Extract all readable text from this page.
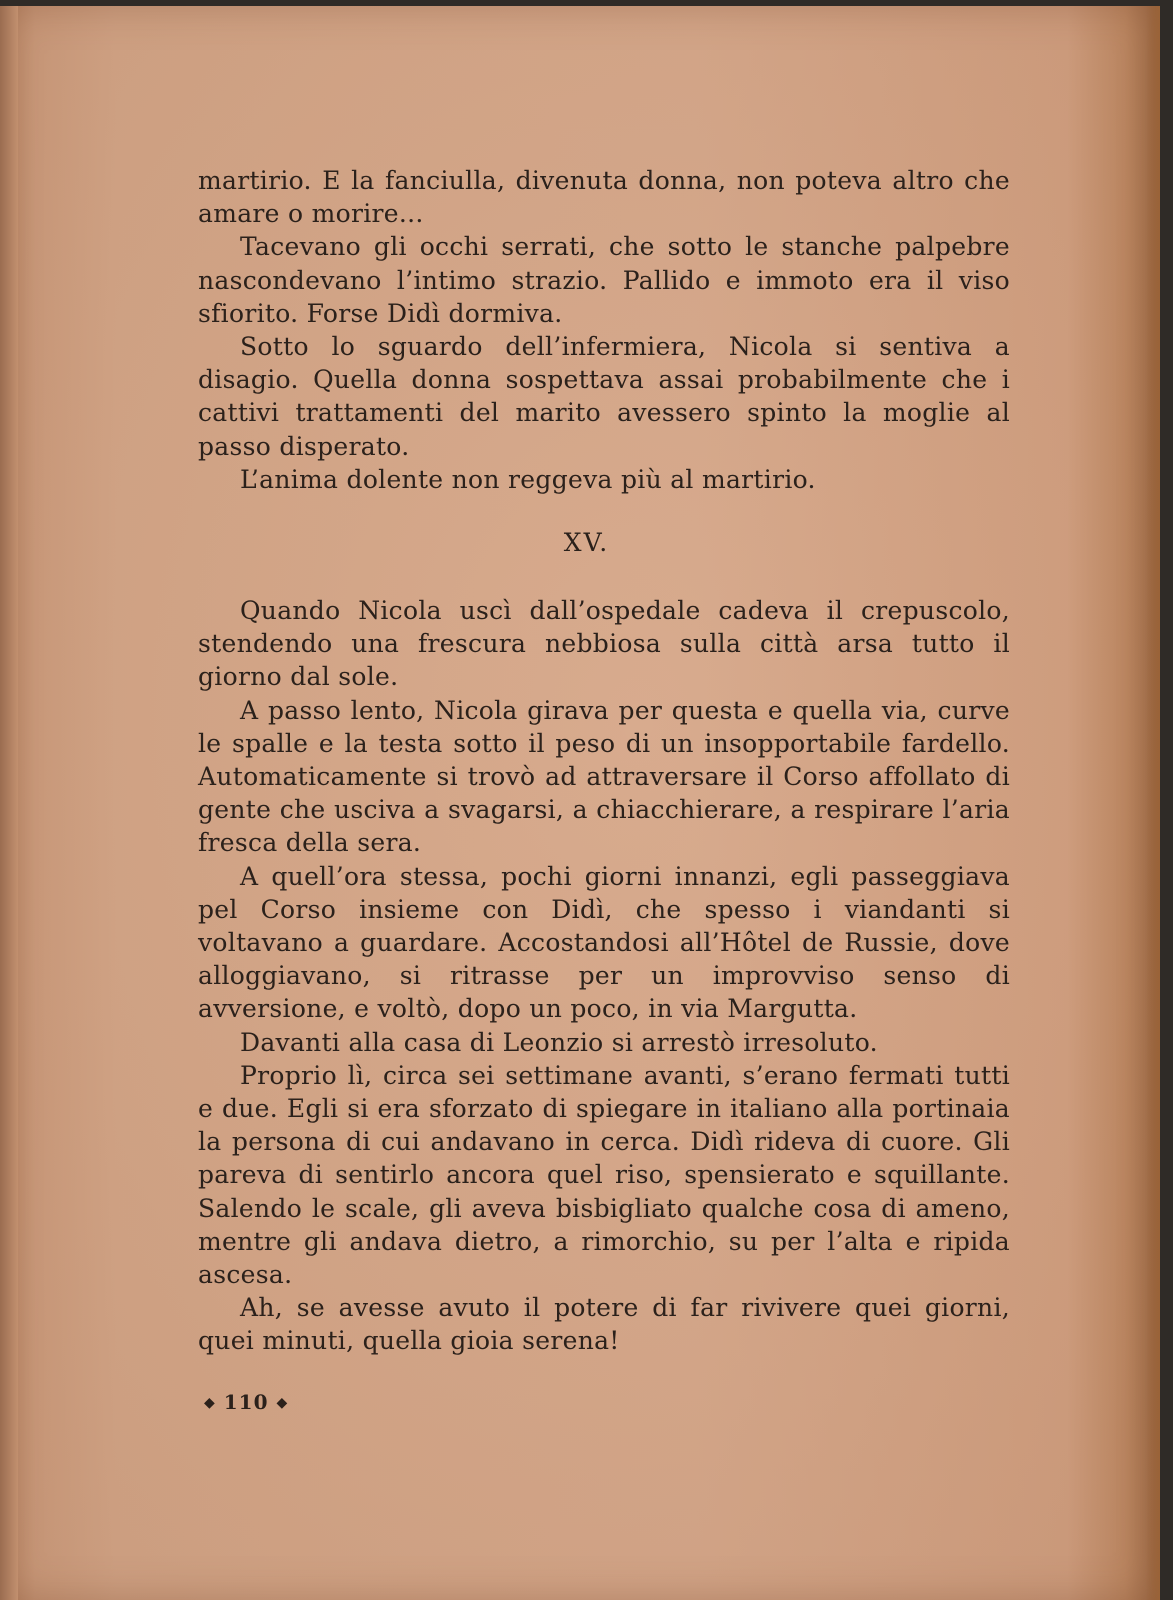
martirio. E la fanciulla, divenuta donna, non poteva altro che amare o morire...

Tacevano gli occhi serrati, che sotto le stanche palpebre nascondevano l’intimo strazio. Pallido e immoto era il viso sfiorito. Forse Didì dormiva.

Sotto lo sguardo dell’infermiera, Nicola si sentiva a disagio. Quella donna sospettava assai probabilmente che i cattivi trattamenti del marito avessero spinto la moglie al passo disperato.

L’anima dolente non reggeva più al martirio.

XV.

Quando Nicola uscì dall’ospedale cadeva il crepuscolo, stendendo una frescura nebbiosa sulla città arsa tutto il giorno dal sole.

A passo lento, Nicola girava per questa e quella via, curve le spalle e la testa sotto il peso di un insopportabile fardello. Automaticamente si trovò ad attraversare il Corso affollato di gente che usciva a svagarsi, a chiacchierare, a respirare l’aria fresca della sera.

A quell’ora stessa, pochi giorni innanzi, egli passeggiava pel Corso insieme con Didì, che spesso i viandanti si voltavano a guardare. Accostandosi all’Hôtel de Russie, dove alloggiavano, si ritrasse per un improvviso senso di avversione, e voltò, dopo un poco, in via Margutta.

Davanti alla casa di Leonzio si arrestò irresoluto.

Proprio lì, circa sei settimane avanti, s’erano fermati tutti e due. Egli si era sforzato di spiegare in italiano alla portinaia la persona di cui andavano in cerca. Didì rideva di cuore. Gli pareva di sentirlo ancora quel riso, spensierato e squillante. Salendo le scale, gli aveva bisbigliato qualche cosa di ameno, mentre gli andava dietro, a rimorchio, su per l’alta e ripida ascesa.

Ah, se avesse avuto il potere di far rivivere quei giorni, quei minuti, quella gioia serena!

◆ 110 ◆
